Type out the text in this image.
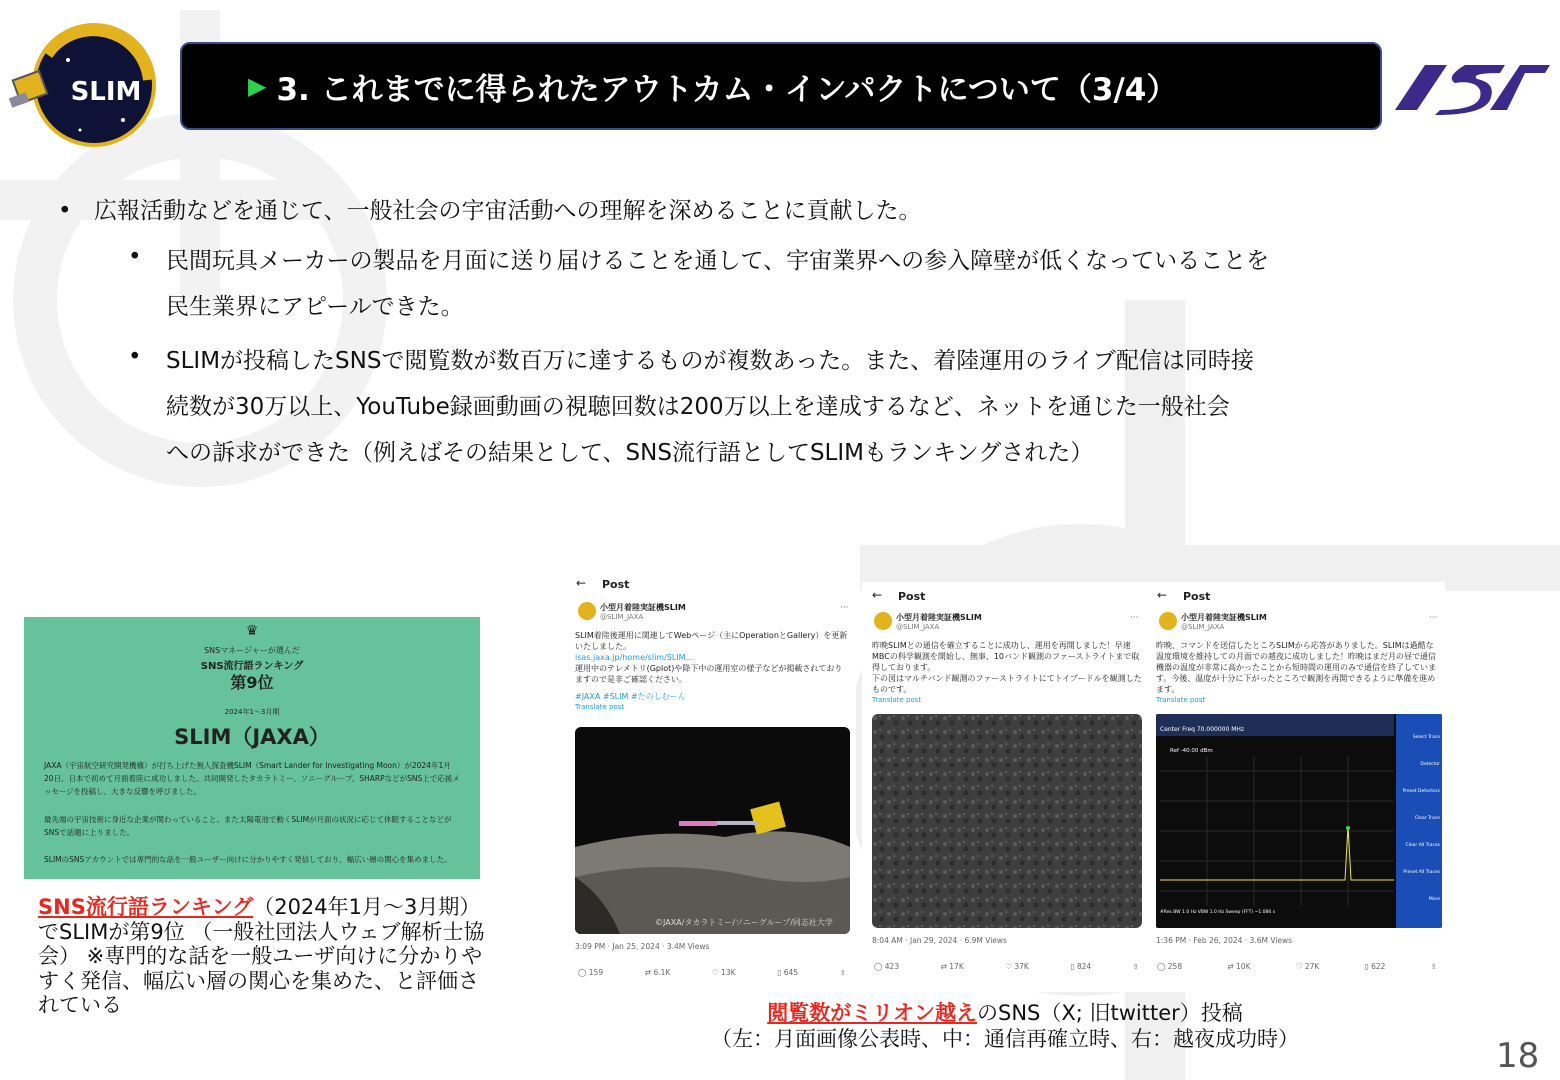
SLIM	▶ 3. これまでに得られたアウトカム・インパクトについて（3/4）
ISAS
• 広報活動などを通じて、一般社会の宇宙活動への理解を深めることに貢献した。
• 民間玩具メーカーの製品を月面に送り届けることを通して、宇宙業界への参入障壁が低くなっていることを
民生業界にアピールできた。
• SLIMが投稿したSNSで閲覧数が数百万に達するものが複数あった。また、着陸運用のライブ配信は同時接
続数が30万以上、YouTube録画動画の視聴回数は200万以上を達成するなど、ネットを通じた一般社会
への訴求ができた（例えばその結果として、SNS流行語としてSLIMもランキングされた）
♛
SNSマネージャーが選んだ
SNS流行語ランキング
第9位
2024年1〜3月期
SLIM（JAXA）
JAXA（宇宙航空研究開発機構）が打ち上げた無人探査機SLIM（Smart Lander for Investigating Moon）が2024年1月20日、日本で初めて月面着陸に成功しました。共同開発したタカラトミー、ソニーグループ、SHARPなどがSNS上で応援メッセージを投稿し、大きな反響を呼びました。
最先端の宇宙技術に身近な企業が関わっていること、また太陽電池で動くSLIMが月面の状況に応じて休眠することなどがSNSで話題に上りました。
SLIMのSNSアカウントでは専門的な話を一般ユーザー向けに分かりやすく発信しており、幅広い層の関心を集めました。
SNS流行語ランキング（2024年1月～3月期）でSLIMが第9位 （一般社団法人ウェブ解析士協会） ※専門的な話を一般ユーザ向けに分かりやすく発信、幅広い層の関心を集めた、と評価されている
← Post
小型月着陸実証機SLIM
@SLIM_JAXA
···
SLIM着陸後運用に関連してWebページ（主にOperationとGallery）を更新いたしました。
isas.jaxa.jp/home/slim/SLIM...
運用中のテレメトリ(Gplot)や降下中の運用室の様子などが掲載されておりますので是非ご確認ください。
#JAXA #SLIM #たのしむーん
Translate post
©JAXA/タカラトミー/ソニーグループ/同志社大学
3:09 PM · Jan 25, 2024 · 3.4M Views
◯ 159	⇄ 6.1K	♡ 13K	▯ 645	⇧
← Post
小型月着陸実証機SLIM
@SLIM_JAXA
···
昨晩SLIMとの通信を確立することに成功し、運用を再開しました！早速MBCの科学観測を開始し、無事、10バンド観測のファーストライトまで取得しております。
下の図はマルチバンド観測のファーストライトにてトイプードルを観測したものです。
Translate post
8:04 AM · Jan 29, 2024 · 6.9M Views
◯ 423	⇄ 17K	♡ 37K	▯ 824	⇧
← Post
小型月着陸実証機SLIM
@SLIM_JAXA
···
昨晩、コマンドを送信したところSLIMから応答がありました。SLIMは過酷な温度環境を維持しての月面での越夜に成功しました！昨晩はまだ月の昼で通信機器の温度が非常に高かったことから短時間の運用のみで通信を終了しています。今後、温度が十分に下がったところで観測を再開できるように準備を進めます。
Translate post
Center Freq 70.000000 MHz
Ref -40.00 dBm
#Res BW 1.0 Hz VBW 1.0 Hz Sweep (FFT) ~1.086 s
Select Trace
Detector
Preset Detectors
Clear Trace
Clear All Traces
Preset All Traces
More
1:36 PM · Feb 26, 2024 · 3.6M Views
◯ 258	⇄ 10K	♡ 27K	▯ 622	⇧
閲覧数がミリオン越えのSNS（X; 旧twitter）投稿
（左：月面画像公表時、中：通信再確立時、右：越夜成功時）	18
